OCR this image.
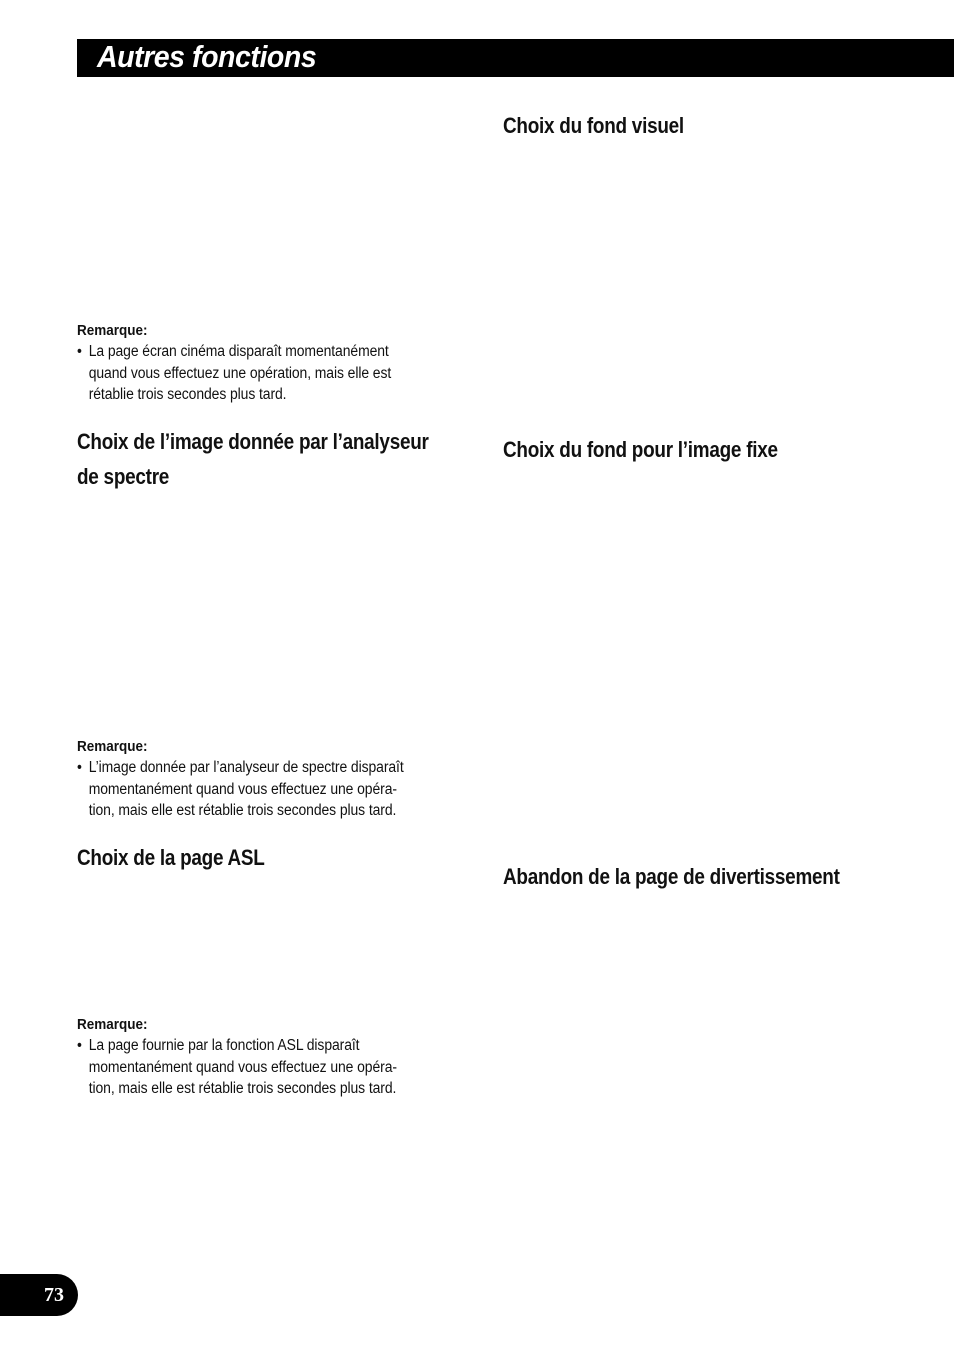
Autres fonctions
Remarque:
• La page écran cinéma disparaît momentanément
quand vous effectuez une opération, mais elle est
rétablie trois secondes plus tard.
Choix de l’image donnée par l’analyseur
de spectre
Remarque:
• L’image donnée par l’analyseur de spectre disparaît
momentanément quand vous effectuez une opéra-
tion, mais elle est rétablie trois secondes plus tard.
Choix de la page ASL
Remarque:
• La page fournie par la fonction ASL disparaît
momentanément quand vous effectuez une opéra-
tion, mais elle est rétablie trois secondes plus tard.
Choix du fond visuel
Choix du fond pour l’image fixe
Abandon de la page de divertissement
73
